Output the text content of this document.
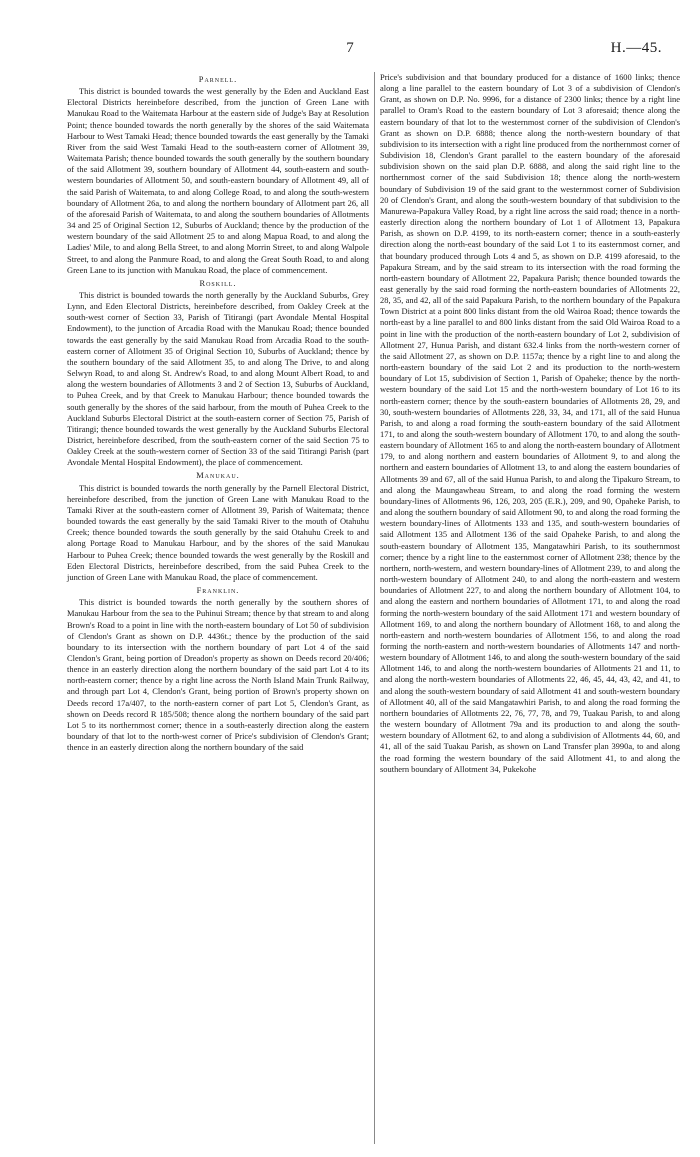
7	H.—45.
Parnell.

This district is bounded towards the west generally by the Eden and Auckland East Electoral Districts hereinbefore described, from the junction of Green Lane with Manukau Road to the Waitemata Harbour at the eastern side of Judge's Bay at Resolution Point; thence bounded towards the north generally by the shores of the said Waitemata Harbour to West Tamaki Head; thence bounded towards the east generally by the Tamaki River from the said West Tamaki Head to the south-eastern corner of Allotment 39, Waitemata Parish; thence bounded towards the south generally by the southern boundary of the said Allotment 39, southern boundary of Allotment 44, south-eastern and south-western boundaries of Allotment 50, and south-eastern boundary of Allotment 49, all of the said Parish of Waitemata, to and along College Road, to and along the south-western boundary of Allotment 26a, to and along the northern boundary of Allotment part 26, all of the aforesaid Parish of Waitemata, to and along the southern boundaries of Allotments 34 and 25 of Original Section 12, Suburbs of Auckland; thence by the production of the western boundary of the said Allotment 25 to and along Mapua Road, to and along the Ladies' Mile, to and along Bella Street, to and along Morrin Street, to and along Walpole Street, to and along the Panmure Road, to and along the Great South Road, to and along Green Lane to its junction with Manukau Road, the place of commencement.

Roskill.

This district is bounded towards the north generally by the Auckland Suburbs, Grey Lynn, and Eden Electoral Districts, hereinbefore described, from Oakley Creek at the south-west corner of Section 33, Parish of Titirangi (part Avondale Mental Hospital Endowment), to the junction of Arcadia Road with the Manukau Road; thence bounded towards the east generally by the said Manukau Road from Arcadia Road to the south-eastern corner of Allotment 35 of Original Section 10, Suburbs of Auckland; thence by the southern boundary of the said Allotment 35, to and along The Drive, to and along Selwyn Road, to and along St. Andrew's Road, to and along Mount Albert Road, to and along the western boundaries of Allotments 3 and 2 of Section 13, Suburbs of Auckland, to Puhea Creek, and by that Creek to Manukau Harbour; thence bounded towards the south generally by the shores of the said harbour, from the mouth of Puhea Creek to the Auckland Suburbs Electoral District at the south-eastern corner of Section 75, Parish of Titirangi; thence bounded towards the west generally by the Auckland Suburbs Electoral District, hereinbefore described, from the south-eastern corner of the said Section 75 to Oakley Creek at the south-western corner of Section 33 of the said Titirangi Parish (part Avondale Mental Hospital Endowment), the place of commencement.

Manukau.

This district is bounded towards the north generally by the Parnell Electoral District, hereinbefore described, from the junction of Green Lane with Manukau Road to the Tamaki River at the south-eastern corner of Allotment 39, Parish of Waitemata; thence bounded towards the east generally by the said Tamaki River to the mouth of Otahuhu Creek; thence bounded towards the south generally by the said Otahuhu Creek to and along Portage Road to Manukau Harbour, and by the shores of the said Manukau Harbour to Puhea Creek; thence bounded towards the west generally by the Roskill and Eden Electoral Districts, hereinbefore described, from the said Puhea Creek to the junction of Green Lane with Manukau Road, the place of commencement.

Franklin.

This district is bounded towards the north generally by the southern shores of Manukau Harbour from the sea to the Puhinui Stream; thence by that stream to and along Brown's Road to a point in line with the north-eastern boundary of Lot 50 of subdivision of Clendon's Grant as shown on D.P. 4436t.; thence by the production of the said boundary to its intersection with the northern boundary of part Lot 4 of the said Clendon's Grant, being portion of Dreadon's property as shown on Deeds record 20/406; thence in an easterly direction along the northern boundary of the said part Lot 4 to its north-eastern corner; thence by a right line across the North Island Main Trunk Railway, and through part Lot 4, Clendon's Grant, being portion of Brown's property shown on Deeds record 17a/407, to the north-eastern corner of part Lot 5, Clendon's Grant, as shown on Deeds record R 185/508; thence along the northern boundary of the said part Lot 5 to its northernmost corner; thence in a south-easterly direction along the eastern boundary of that lot to the north-west corner of Price's subdivision of Clendon's Grant; thence in an easterly direction along the northern boundary of the said

Price's subdivision and that boundary produced for a distance of 1600 links; thence along a line parallel to the eastern boundary of Lot 3 of a subdivision of Clendon's Grant, as shown on D.P. No. 9996, for a distance of 2300 links; thence by a right line parallel to Oram's Road to the eastern boundary of Lot 3 aforesaid; thence along the eastern boundary of that lot to the westernmost corner of the subdivision of Clendon's Grant as shown on D.P. 6888; thence along the north-western boundary of that subdivision to its intersection with a right line produced from the northernmost corner of Subdivision 18, Clendon's Grant parallel to the eastern boundary of the aforesaid subdivision shown on the said plan D.P. 6888, and along the said right line to the northernmost corner of the said Subdivision 18; thence along the north-western boundary of Subdivision 19 of the said grant to the westernmost corner of Subdivision 20 of Clendon's Grant, and along the south-western boundary of that subdivision to the Manurewa-Papakura Valley Road, by a right line across the said road; thence in a north-easterly direction along the northern boundary of Lot 1 of Allotment 13, Papakura Parish, as shown on D.P. 4199, to its north-eastern corner; thence in a south-easterly direction along the north-east boundary of the said Lot 1 to its easternmost corner, and that boundary produced through Lots 4 and 5, as shown on D.P. 4199 aforesaid, to the Papakura Stream, and by the said stream to its intersection with the road forming the north-eastern boundary of Allotment 22, Papakura Parish; thence bounded towards the east generally by the said road forming the north-eastern boundaries of Allotments 22, 28, 35, and 42, all of the said Papakura Parish, to the northern boundary of the Papakura Town District at a point 800 links distant from the old Wairoa Road; thence towards the north-east by a line parallel to and 800 links distant from the said Old Wairoa Road to a point in line with the production of the north-eastern boundary of Lot 2, subdivision of Allotment 27, Hunua Parish, and distant 632.4 links from the north-western corner of the said Allotment 27, as shown on D.P. 1157a; thence by a right line to and along the north-eastern boundary of the said Lot 2 and its production to the north-western boundary of Lot 15, subdivision of Section 1, Parish of Opaheke; thence by the north-western boundary of the said Lot 15 and the north-western boundary of Lot 16 to its north-eastern corner; thence by the south-eastern boundaries of Allotments 28, 29, and 30, south-western boundaries of Allotments 228, 33, 34, and 171, all of the said Hunua Parish, to and along a road forming the south-eastern boundary of the said Allotment 171, to and along the south-western boundary of Allotment 170, to and along the south-eastern boundary of Allotment 165 to and along the north-eastern boundary of Allotment 179, to and along northern and eastern boundaries of Allotment 9, to and along the northern and eastern boundaries of Allotment 13, to and along the eastern boundaries of Allotments 39 and 67, all of the said Hunua Parish, to and along the Tipakuro Stream, to and along the Maungawheau Stream, to and along the road forming the western boundary-lines of Allotments 96, 126, 203, 205 (E.R.), 209, and 90, Opaheke Parish, to and along the southern boundary of said Allotment 90, to and along the road forming the western boundary-lines of Allotments 133 and 135, and south-western boundaries of said Allotment 135 and Allotment 136 of the said Opaheke Parish, to and along the south-eastern boundary of Allotment 135, Mangatawhiri Parish, to its southernmost corner; thence by a right line to the easternmost corner of Allotment 238; thence by the northern, north-western, and western boundary-lines of Allotment 239, to and along the north-western boundary of Allotment 240, to and along the north-eastern and western boundaries of Allotment 227, to and along the northern boundary of Allotment 104, to and along the eastern and northern boundaries of Allotment 171, to and along the road forming the north-western boundary of the said Allotment 171 and western boundary of Allotment 169, to and along the northern boundary of Allotment 168, to and along the north-eastern and north-western boundaries of Allotment 156, to and along the road forming the north-eastern and north-western boundaries of Allotments 147 and north-western boundary of Allotment 146, to and along the south-western boundary of the said Allotment 146, to and along the north-western boundaries of Allotments 21 and 11, to and along the north-western boundaries of Allotments 22, 46, 45, 44, 43, 42, and 41, to and along the south-western boundary of said Allotment 41 and south-western boundary of Allotment 40, all of the said Mangatawhiri Parish, to and along the road forming the northern boundaries of Allotments 22, 76, 77, 78, and 79, Tuakau Parish, to and along the western boundary of Allotment 79a and its production to and along the south-western boundary of Allotment 62, to and along a subdivision of Allotments 44, 60, and 41, all of the said Tuakau Parish, as shown on Land Transfer plan 3990a, to and along the road forming the western boundary of the said Allotment 41, to and along the southern boundary of Allotment 34, Pukekohe
